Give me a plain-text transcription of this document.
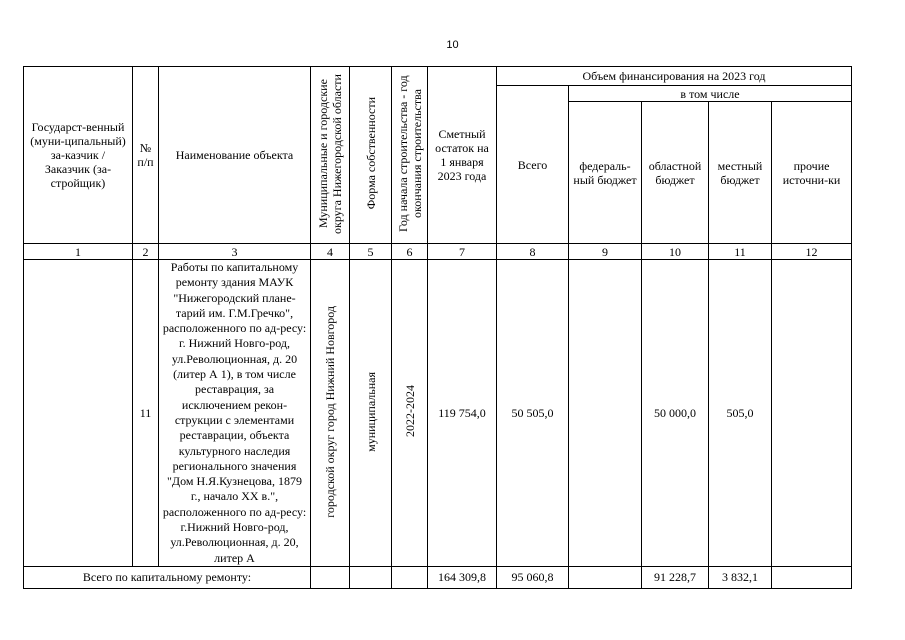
10
Государст-венный (муни-ципальный) за-казчик / Заказчик (за-стройщик)	№ п/п	Наименование объекта	Муниципальные и городские округа Нижегородской области	Форма собственности	Год начала строительства - год окончания строительства	Сметный остаток на 1 января 2023 года	Объем финансирования на 2023 год				
							Всего	в том числе			
								федераль-ный бюджет	областной бюджет	местный бюджет	прочие источни-ки
1	2	3	4	5	6	7	8	9	10	11	12
	11	Работы по капитальному ремонту здания МАУК "Нижегородский плане-тарий им. Г.М.Гречко", расположенного по ад-ресу: г. Нижний Новго-род, ул.Революционная, д. 20 (литер А 1), в том числе реставрация, за исключением рекон-струкции с элементами реставрации, объекта культурного наследия регионального значения "Дом Н.Я.Кузнецова, 1879 г., начало XX в.", расположенного по ад-ресу: г.Нижний Новго-род, ул.Революционная, д. 20, литер А	городской округ город Нижний Новгород	муниципальная	2022-2024	119 754,0	50 505,0		50 000,0	505,0	
Всего по капитальному ремонту:						164 309,8	95 060,8		91 228,7	3 832,1	
